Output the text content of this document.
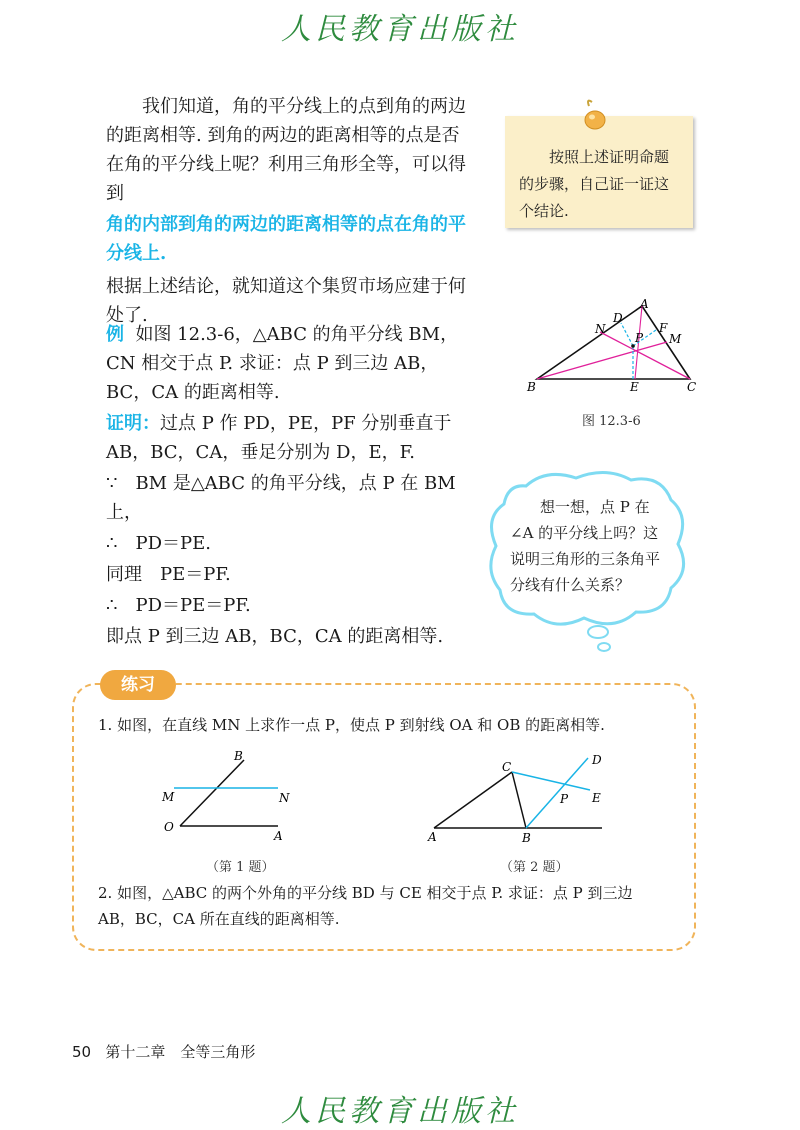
人民教育出版社
我们知道，角的平分线上的点到角的两边的距离相等. 到角的两边的距离相等的点是否在角的平分线上呢？利用三角形全等，可以得到
角的内部到角的两边的距离相等的点在角的平分线上.
根据上述结论，就知道这个集贸市场应建于何处了.
例 如图 12.3-6，△ABC 的角平分线 BM，CN 相交于点 P. 求证：点 P 到三边 AB，BC，CA 的距离相等.
证明：过点 P 作 PD，PE，PF 分别垂直于 AB，BC，CA，垂足分别为 D，E，F.
∵　BM 是△ABC 的角平分线，点 P 在 BM 上，
∴　PD＝PE.
同理　PE＝PF.
∴　PD＝PE＝PF.
即点 P 到三边 AB，BC，CA 的距离相等.
按照上述证明命题的步骤，自己证一证这个结论.
A
B	C
D
E
F
M
N
P
图 12.3-6
想一想，点 P 在∠A 的平分线上吗？这说明三角形的三条角平分线有什么关系？
练习
1. 如图，在直线 MN 上求作一点 P，使点 P 到射线 OA 和 OB 的距离相等.
B
M	N
O
A
（第 1 题）
C	D
E
P
A	B
（第 2 题）
2. 如图，△ABC 的两个外角的平分线 BD 与 CE 相交于点 P. 求证：点 P 到三边 AB，BC，CA 所在直线的距离相等.
50 第十二章　全等三角形
人民教育出版社
